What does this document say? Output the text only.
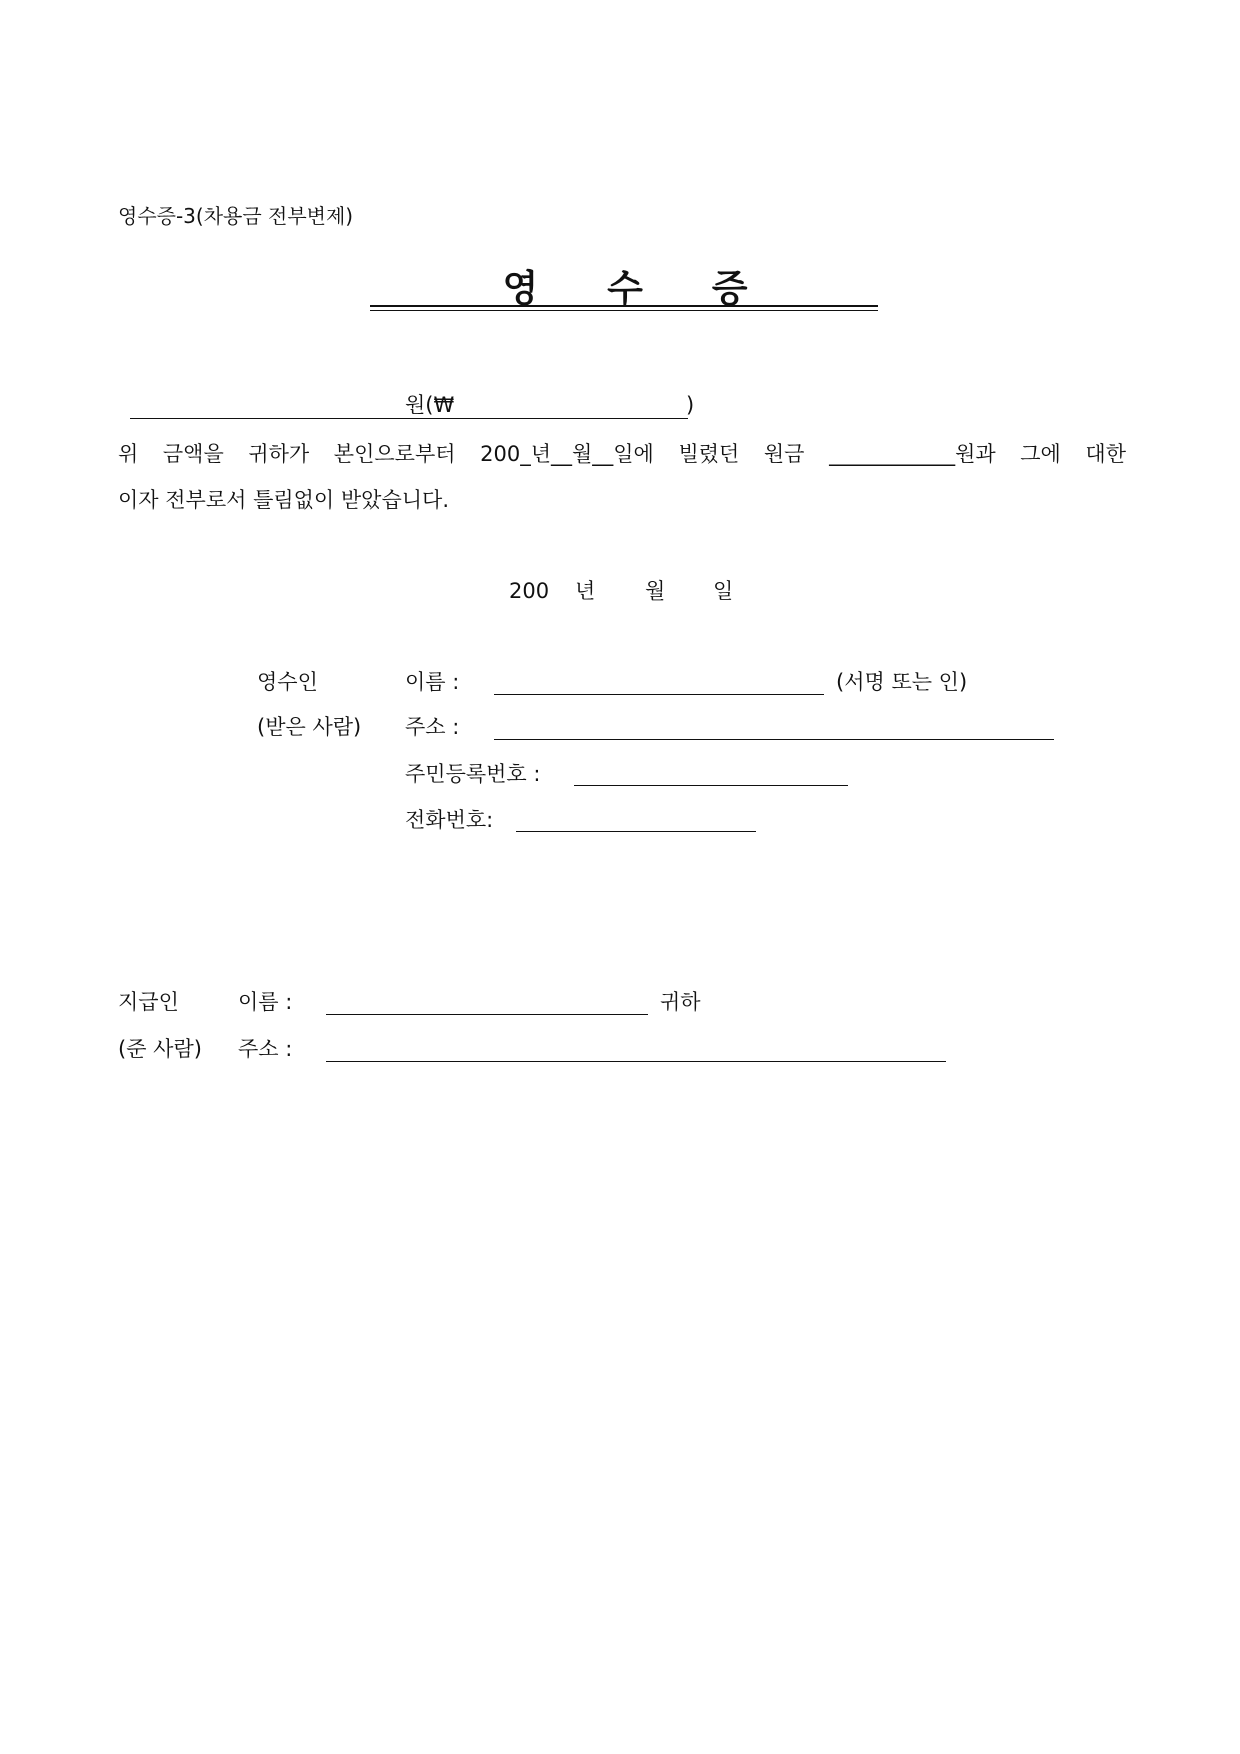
영수증-3(차용금 전부변제)
영 수 증
원(₩	)
위 금액을 귀하가 본인으로부터 200_년__월__일에 빌렸던 원금 ____________원과 그에 대한
이자 전부로서 틀림없이 받았습니다.
200 년 월 일
영수인
(받은 사람)
이름 :	(서명 또는 인)
주소 :
주민등록번호 :
전화번호:
지급인
(준 사람)
이름 :	귀하
주소 :
